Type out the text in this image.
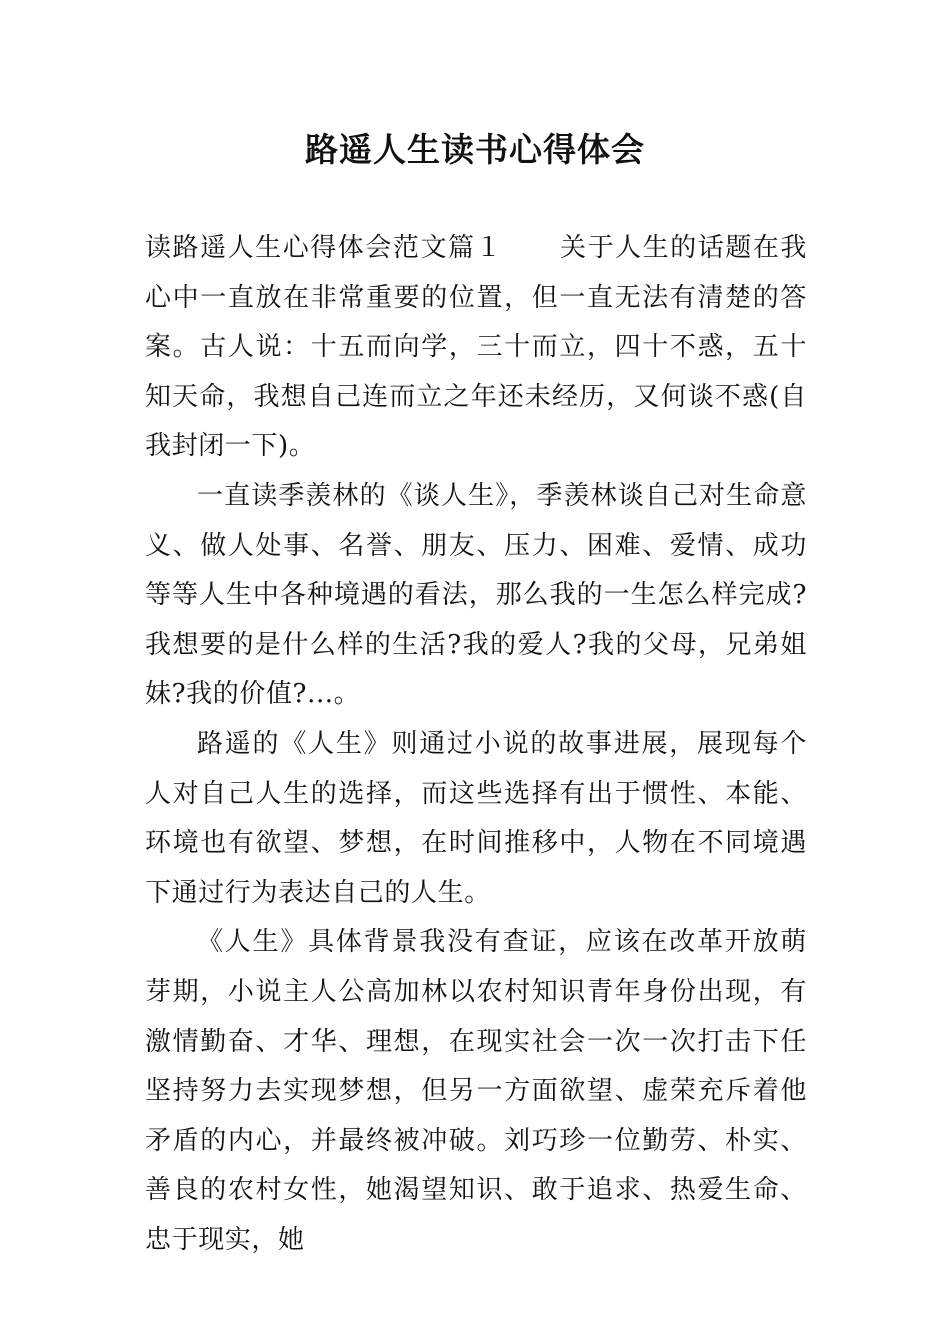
路遥人生读书心得体会

读路遥人生心得体会范文篇１ 关于人生的话题在我心中一直放在非常重要的位置，但一直无法有清楚的答案。古人说：十五而向学，三十而立，四十不惑，五十知天命，我想自己连而立之年还未经历，又何谈不惑(自我封闭一下)。

一直读季羡林的《谈人生》，季羡林谈自己对生命意义、做人处事、名誉、朋友、压力、困难、爱情、成功等等人生中各种境遇的看法，那么我的一生怎么样完成?我想要的是什么样的生活?我的爱人?我的父母，兄弟姐妹?我的价值?...。

路遥的《人生》则通过小说的故事进展，展现每个人对自己人生的选择，而这些选择有出于惯性、本能、环境也有欲望、梦想，在时间推移中，人物在不同境遇下通过行为表达自己的人生。

《人生》具体背景我没有查证，应该在改革开放萌芽期，小说主人公高加林以农村知识青年身份出现，有激情勤奋、才华、理想，在现实社会一次一次打击下任坚持努力去实现梦想，但另一方面欲望、虚荣充斥着他矛盾的内心，并最终被冲破。刘巧珍一位勤劳、朴实、善良的农村女性，她渴望知识、敢于追求、热爱生命、忠于现实，她
